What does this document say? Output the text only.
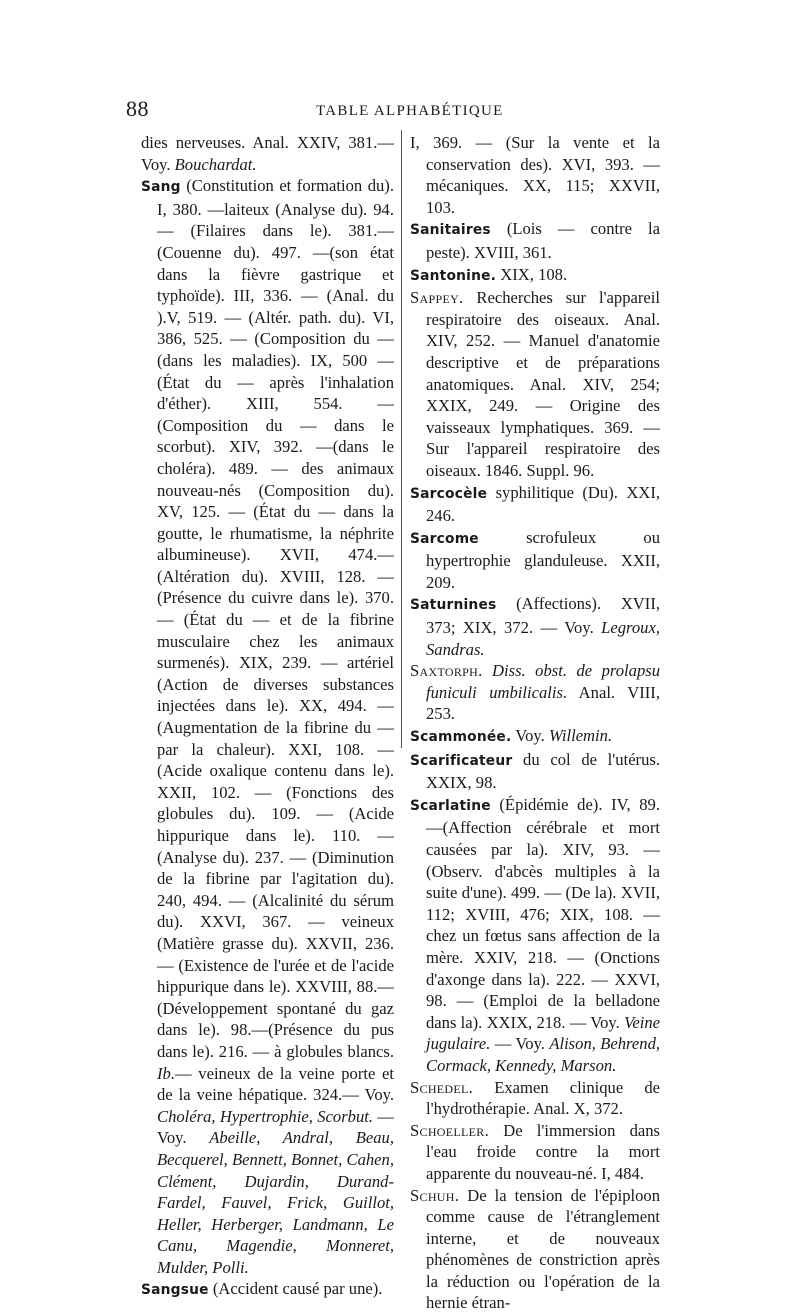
88	TABLE ALPHABÉTIQUE
dies nerveuses. Anal. XXIV, 381.— Voy. Bouchardat.
Sang (Constitution et formation du). I, 380. —laiteux (Analyse du). 94.— (Filaires dans le). 381.—(Couenne du). 497. —(son état dans la fièvre gastrique et typhoïde). III, 336. — (Anal. du ).V, 519. — (Altér. path. du). VI, 386, 525. — (Composition du — (dans les maladies). IX, 500 — (État du — après l'inhalation d'éther). XIII, 554. — (Composition du — dans le scorbut). XIV, 392. —(dans le choléra). 489. — des animaux nouveau-nés (Composition du). XV, 125. — (État du — dans la goutte, le rhumatisme, la néphrite albumineuse). XVII, 474.— (Altération du). XVIII, 128. — (Présence du cuivre dans le). 370. — (État du — et de la fibrine musculaire chez les animaux surmenés). XIX, 239. — artériel (Action de diverses substances injectées dans le). XX, 494. — (Augmentation de la fibrine du — par la chaleur). XXI, 108. — (Acide oxalique contenu dans le). XXII, 102. — (Fonctions des globules du). 109. — (Acide hippurique dans le). 110. — (Analyse du). 237. — (Diminution de la fibrine par l'agitation du). 240, 494. — (Alcalinité du sérum du). XXVI, 367. — veineux (Matière grasse du). XXVII, 236. — (Existence de l'urée et de l'acide hippurique dans le). XXVIII, 88.— (Développement spontané du gaz dans le). 98.—(Présence du pus dans le). 216. — à globules blancs. Ib.— veineux de la veine porte et de la veine hépatique. 324.— Voy. Choléra, Hypertrophie, Scorbut. — Voy. Abeille, Andral, Beau, Becquerel, Bennett, Bonnet, Cahen, Clément, Dujardin, Durand-Fardel, Fauvel, Frick, Guillot, Heller, Herberger, Landmann, Le Canu, Magendie, Monneret, Mulder, Polli.
Sangsue (Accident causé par une).
I, 369. — (Sur la vente et la conservation des). XVI, 393. — mécaniques. XX, 115; XXVII, 103.
Sanitaires (Lois — contre la peste). XVIII, 361.
Santonine. XIX, 108.
Sappey. Recherches sur l'appareil respiratoire des oiseaux. Anal. XIV, 252. — Manuel d'anatomie descriptive et de préparations anatomiques. Anal. XIV, 254; XXIX, 249. — Origine des vaisseaux lymphatiques. 369. — Sur l'appareil respiratoire des oiseaux. 1846. Suppl. 96.
Sarcocèle syphilitique (Du). XXI, 246.
Sarcome scrofuleux ou hypertrophie glanduleuse. XXII, 209.
Saturnines (Affections). XVII, 373; XIX, 372. — Voy. Legroux, Sandras.
Saxtorph. Diss. obst. de prolapsu funiculi umbilicalis. Anal. VIII, 253.
Scammonée. Voy. Willemin.
Scarificateur du col de l'utérus. XXIX, 98.
Scarlatine (Épidémie de). IV, 89. —(Affection cérébrale et mort causées par la). XIV, 93. — (Observ. d'abcès multiples à la suite d'une). 499. — (De la). XVII, 112; XVIII, 476; XIX, 108. — chez un fœtus sans affection de la mère. XXIV, 218. — (Onctions d'axonge dans la). 222. — XXVI, 98. — (Emploi de la belladone dans la). XXIX, 218. — Voy. Veine jugulaire. — Voy. Alison, Behrend, Cormack, Kennedy, Marson.
Schedel. Examen clinique de l'hydrothérapie. Anal. X, 372.
Schoeller. De l'immersion dans l'eau froide contre la mort apparente du nouveau-né. I, 484.
Schuh. De la tension de l'épiploon comme cause de l'étranglement interne, et de nouveaux phénomènes de constriction après la réduction ou l'opération de la hernie étran-
